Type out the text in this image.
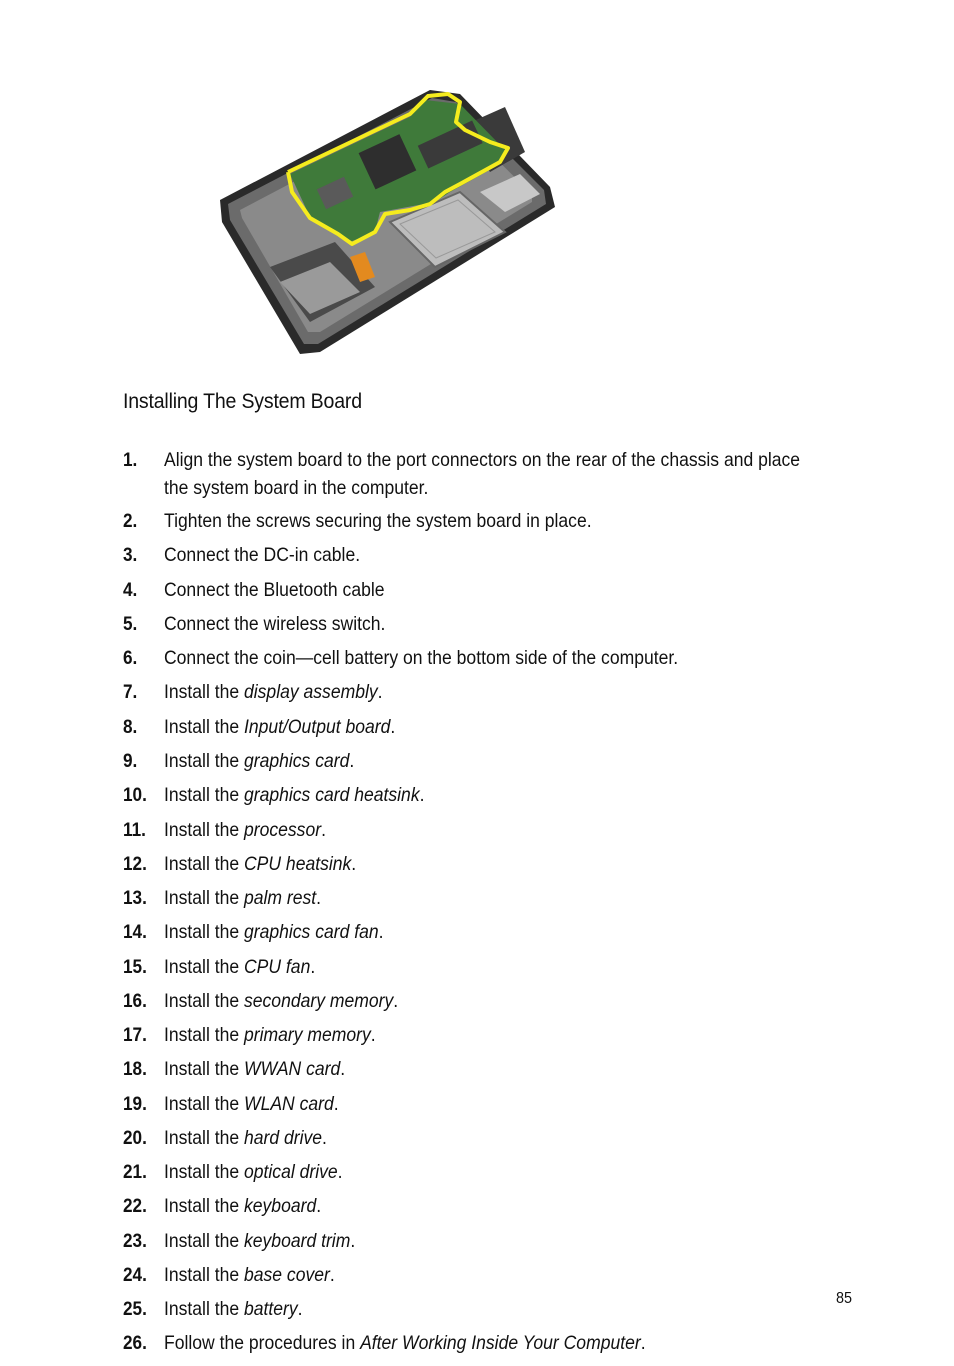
Installing The System Board
1. Align the system board to the port connectors on the rear of the chassis and place the system board in the computer.
2. Tighten the screws securing the system board in place.
3. Connect the DC-in cable.
4. Connect the Bluetooth cable
5. Connect the wireless switch.
6. Connect the coin—cell battery on the bottom side of the computer.
7. Install the display assembly.
8. Install the Input/Output board.
9. Install the graphics card.
10. Install the graphics card heatsink.
11. Install the processor.
12. Install the CPU heatsink.
13. Install the palm rest.
14. Install the graphics card fan.
15. Install the CPU fan.
16. Install the secondary memory.
17. Install the primary memory.
18. Install the WWAN card.
19. Install the WLAN card.
20. Install the hard drive.
21. Install the optical drive.
22. Install the keyboard.
23. Install the keyboard trim.
24. Install the base cover.
25. Install the battery.
26. Follow the procedures in After Working Inside Your Computer.
85
